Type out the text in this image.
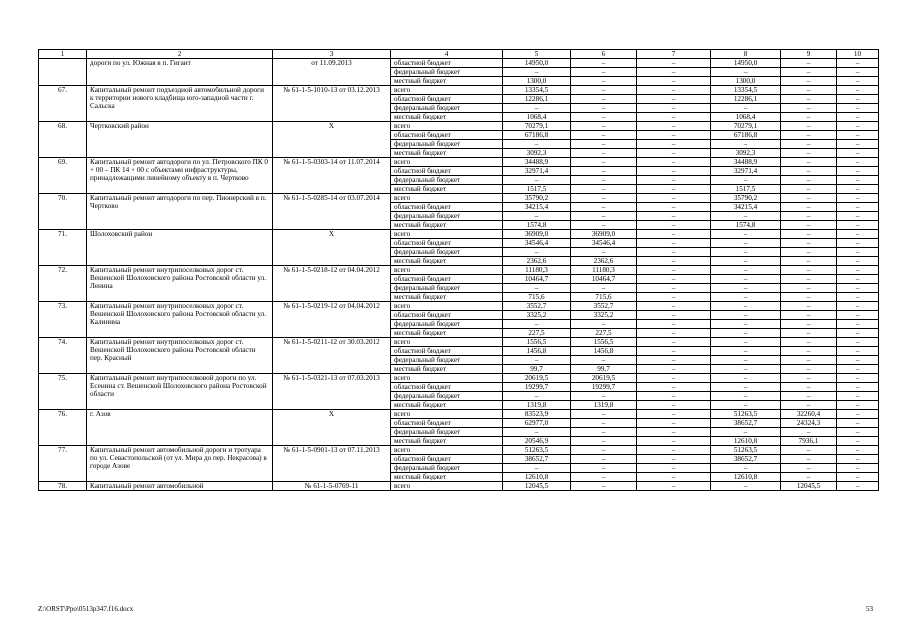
1	2	3	4	5	6	7	8	9	10
	дороги по ул. Южная в п. Гигант	от 11.09.2013	областной бюджет	14950,0	–	–	14950,0	–	–
			федеральный бюджет	–	–	–	–	–	–
			местный бюджет	1300,0	–	–	1300,0	–	–
67.	Капитальный ремонт подъездной автомобильной дороги к территории нового кладбища юго-западной части г. Сальска	№ 61-1-5-1010-13 от 03.12.2013	всего	13354,5	–	–	13354,5	–	–
			областной бюджет	12286,1	–	–	12286,1	–	–
			федеральный бюджет	–	–	–	–	–	–
			местный бюджет	1068,4	–	–	1068,4	–	–
68.	Чертковский район	Х	всего	70279,1	–	–	70279,1	–	–
			областной бюджет	67186,8	–	–	67186,8	–	–
			федеральный бюджет	–	–	–	–	–	–
			местный бюджет	3092,3	–	–	3092,3	–	–
69.	Капитальный ремонт автодороги по ул. Петровского ПК 0 + 00 – ПК 14 + 00 с объектами инфраструктуры, принадлежащими линейному объекту в п. Чертково	№ 61-1-5-0303-14 от 11.07.2014	всего	34488,9	–	–	34488,9	–	–
			областной бюджет	32971,4	–	–	32971,4	–	–
			федеральный бюджет	–	–	–	–	–	–
			местный бюджет	1517,5	–	–	1517,5	–	–
70.	Капитальный ремонт автодороги по пер. Пионерский в п. Чертково	№ 61-1-5-0285-14 от 03.07.2014	всего	35790,2	–	–	35790,2	–	–
			областной бюджет	34215,4	–	–	34215,4	–	–
			федеральный бюджет	–	–	–	–	–	–
			местный бюджет	1574,8	–	–	1574,8	–	–
71.	Шолоховский район	Х	всего	36909,0	36909,0	–	–	–	–
			областной бюджет	34546,4	34546,4	–	–	–	–
			федеральный бюджет	–	–	–	–	–	–
			местный бюджет	2362,6	2362,6	–	–	–	–
72.	Капитальный ремонт внутрипоселковых дорог ст. Вешенской Шолоховского района Ростовской области ул. Ленина	№ 61-1-5-0218-12 от 04.04.2012	всего	11180,3	11180,3	–	–	–	–
			областной бюджет	10464,7	10464,7	–	–	–	–
			федеральный бюджет	–	–	–	–	–	–
			местный бюджет	715,6	715,6	–	–	–	–
73.	Капитальный ремонт внутрипоселковых дорог ст. Вешенской Шолоховского района Ростовской области ул. Калинина	№ 61-1-5-0219-12 от 04.04.2012	всего	3552,7	3552,7	–	–	–	–
			областной бюджет	3325,2	3325,2	–	–	–	–
			федеральный бюджет	–	–	–	–	–	–
			местный бюджет	227,5	227,5	–	–	–	–
74.	Капитальный ремонт внутрипоселковых дорог ст. Вешенской Шолоховского района Ростовской области пер. Красный	№ 61-1-5-0211-12 от 30.03.2012	всего	1556,5	1556,5	–	–	–	–
			областной бюджет	1456,8	1456,8	–	–	–	–
			федеральный бюджет	–	–	–	–	–	–
			местный бюджет	99,7	99,7	–	–	–	–
75.	Капитальный ремонт внутрипоселковой дороги по ул. Есенина ст. Вешенской Шолоховского района Ростовской области	№ 61-1-5-0321-13 от 07.03.2013	всего	20619,5	20619,5	–	–	–	–
			областной бюджет	19299,7	19299,7	–	–	–	–
			федеральный бюджет	–	–	–	–	–	–
			местный бюджет	1319,8	1319,8	–	–	–	–
76.	г. Азов	Х	всего	83523,9	–	–	51263,5	32260,4	–
			областной бюджет	62977,0	–	–	38652,7	24324,3	–
			федеральный бюджет	–	–	–	–	–	–
			местный бюджет	20546,9	–	–	12610,8	7936,1	–
77.	Капитальный ремонт автомобильной дороги и тротуара по ул. Севастопольской (от ул. Мира до пер. Некрасова) в городе Азове	№ 61-1-5-0901-13 от 07.11.2013	всего	51263,5	–	–	51263,5	–	–
			областной бюджет	38652,7	–	–	38652,7	–	–
			федеральный бюджет	–	–	–	–	–	–
			местный бюджет	12610,8	–	–	12610,8	–	–
78.	Капитальный ремонт автомобильной	№ 61-1-5-0769-11	всего	12045,5	–	–	–	12045,5	–
Z:\ORST\Ppo\0513p347.f16.docx	53
